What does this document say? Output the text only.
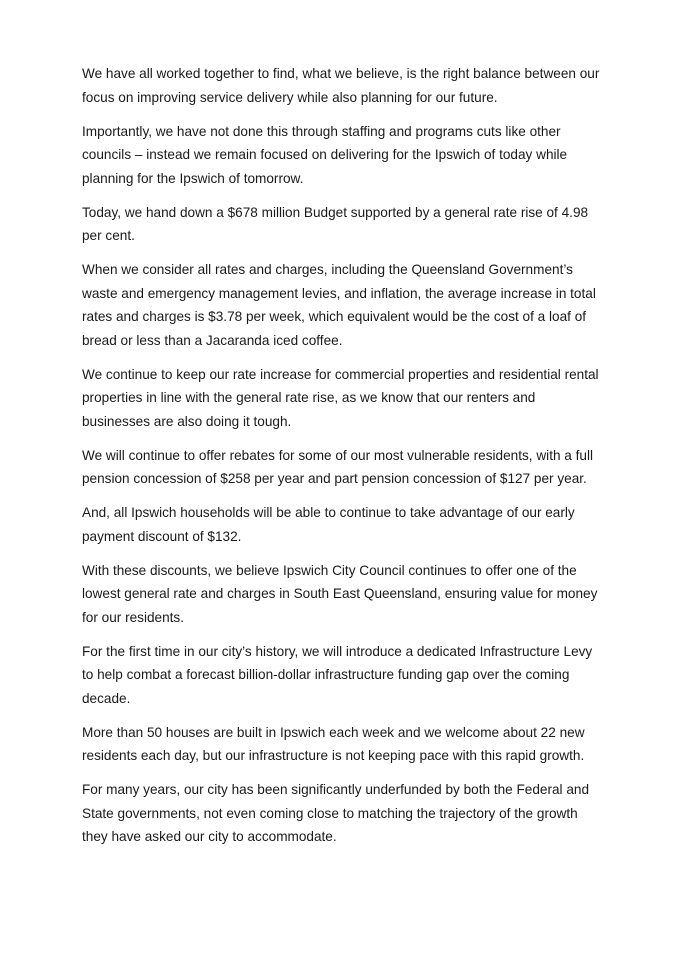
We have all worked together to find, what we believe, is the right balance between our focus on improving service delivery while also planning for our future.

Importantly, we have not done this through staffing and programs cuts like other councils – instead we remain focused on delivering for the Ipswich of today while planning for the Ipswich of tomorrow.

Today, we hand down a $678 million Budget supported by a general rate rise of 4.98 per cent.

When we consider all rates and charges, including the Queensland Government’s waste and emergency management levies, and inflation, the average increase in total rates and charges is $3.78 per week, which equivalent would be the cost of a loaf of bread or less than a Jacaranda iced coffee.

We continue to keep our rate increase for commercial properties and residential rental properties in line with the general rate rise, as we know that our renters and businesses are also doing it tough.

We will continue to offer rebates for some of our most vulnerable residents, with a full pension concession of $258 per year and part pension concession of $127 per year.

And, all Ipswich households will be able to continue to take advantage of our early payment discount of $132.

With these discounts, we believe Ipswich City Council continues to offer one of the lowest general rate and charges in South East Queensland, ensuring value for money for our residents.

For the first time in our city’s history, we will introduce a dedicated Infrastructure Levy to help combat a forecast billion-dollar infrastructure funding gap over the coming decade.

More than 50 houses are built in Ipswich each week and we welcome about 22 new residents each day, but our infrastructure is not keeping pace with this rapid growth.

For many years, our city has been significantly underfunded by both the Federal and State governments, not even coming close to matching the trajectory of the growth they have asked our city to accommodate.
